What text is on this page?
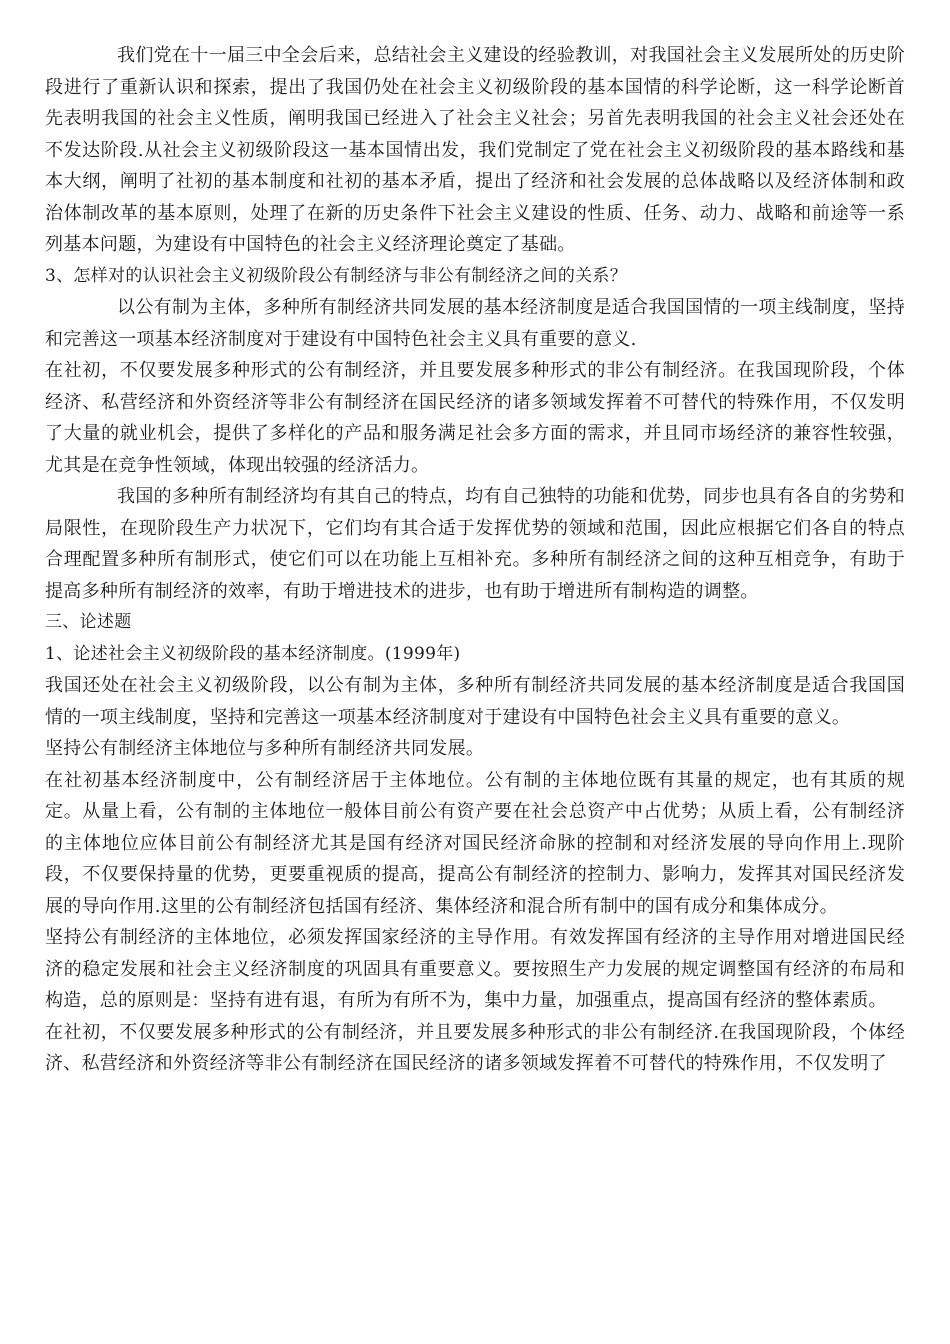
我们党在十一届三中全会后来，总结社会主义建设的经验教训，对我国社会主义发展所处的历史阶段进行了重新认识和探索，提出了我国仍处在社会主义初级阶段的基本国情的科学论断，这一科学论断首先表明我国的社会主义性质，阐明我国已经进入了社会主义社会；另首先表明我国的社会主义社会还处在不发达阶段.从社会主义初级阶段这一基本国情出发，我们党制定了党在社会主义初级阶段的基本路线和基本大纲，阐明了社初的基本制度和社初的基本矛盾，提出了经济和社会发展的总体战略以及经济体制和政治体制改革的基本原则，处理了在新的历史条件下社会主义建设的性质、任务、动力、战略和前途等一系列基本问题，为建设有中国特色的社会主义经济理论奠定了基础。

3、怎样对的认识社会主义初级阶段公有制经济与非公有制经济之间的关系？

以公有制为主体，多种所有制经济共同发展的基本经济制度是适合我国国情的一项主线制度，坚持和完善这一项基本经济制度对于建设有中国特色社会主义具有重要的意义.

在社初，不仅要发展多种形式的公有制经济，并且要发展多种形式的非公有制经济。在我国现阶段，个体经济、私营经济和外资经济等非公有制经济在国民经济的诸多领域发挥着不可替代的特殊作用，不仅发明了大量的就业机会，提供了多样化的产品和服务满足社会多方面的需求，并且同市场经济的兼容性较强，尤其是在竞争性领域，体现出较强的经济活力。

我国的多种所有制经济均有其自己的特点，均有自己独特的功能和优势，同步也具有各自的劣势和局限性，在现阶段生产力状况下，它们均有其合适于发挥优势的领域和范围，因此应根据它们各自的特点合理配置多种所有制形式，使它们可以在功能上互相补充。多种所有制经济之间的这种互相竞争，有助于提高多种所有制经济的效率，有助于增进技术的进步，也有助于增进所有制构造的调整。

三、论述题

1、论述社会主义初级阶段的基本经济制度。(1999年)

我国还处在社会主义初级阶段，以公有制为主体，多种所有制经济共同发展的基本经济制度是适合我国国情的一项主线制度，坚持和完善这一项基本经济制度对于建设有中国特色社会主义具有重要的意义。

坚持公有制经济主体地位与多种所有制经济共同发展。

在社初基本经济制度中，公有制经济居于主体地位。公有制的主体地位既有其量的规定，也有其质的规定。从量上看，公有制的主体地位一般体目前公有资产要在社会总资产中占优势；从质上看，公有制经济的主体地位应体目前公有制经济尤其是国有经济对国民经济命脉的控制和对经济发展的导向作用上.现阶段，不仅要保持量的优势，更要重视质的提高，提高公有制经济的控制力、影响力，发挥其对国民经济发展的导向作用.这里的公有制经济包括国有经济、集体经济和混合所有制中的国有成分和集体成分。

坚持公有制经济的主体地位，必须发挥国家经济的主导作用。有效发挥国有经济的主导作用对增进国民经济的稳定发展和社会主义经济制度的巩固具有重要意义。要按照生产力发展的规定调整国有经济的布局和构造，总的原则是：坚持有进有退，有所为有所不为，集中力量，加强重点，提高国有经济的整体素质。

在社初，不仅要发展多种形式的公有制经济，并且要发展多种形式的非公有制经济.在我国现阶段，个体经济、私营经济和外资经济等非公有制经济在国民经济的诸多领域发挥着不可替代的特殊作用，不仅发明了
